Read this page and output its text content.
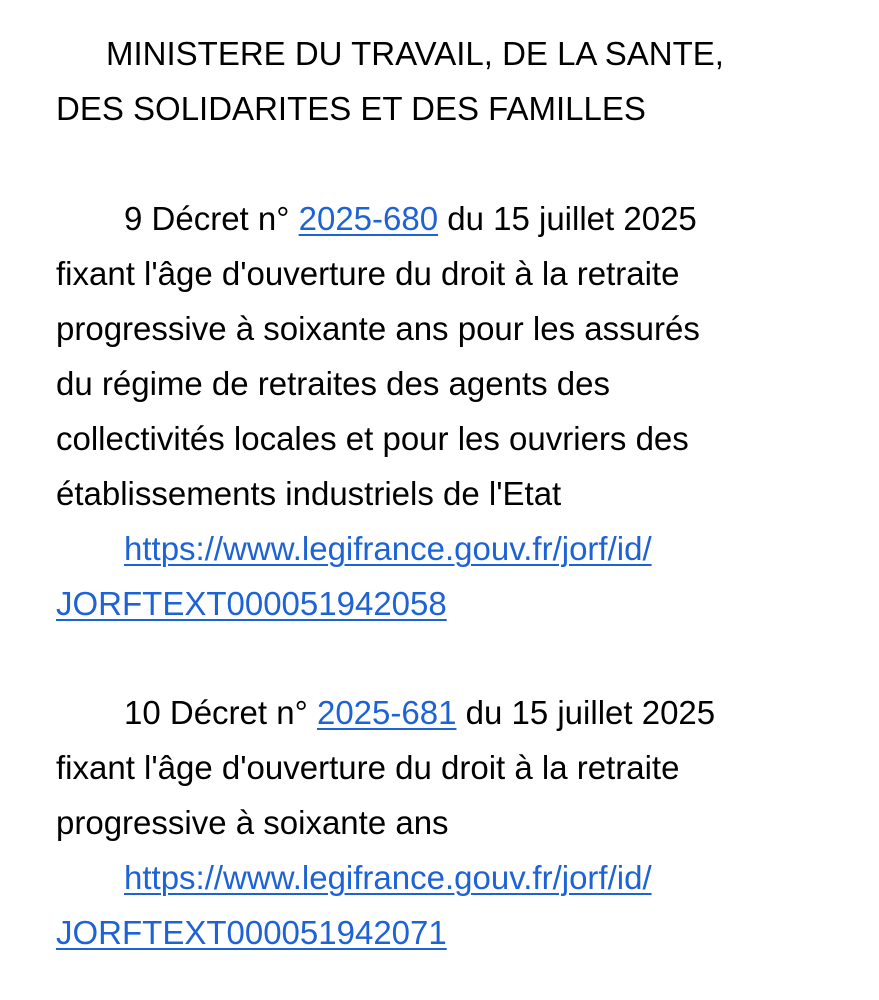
MINISTERE DU TRAVAIL, DE LA SANTE,
DES SOLIDARITES ET DES FAMILLES
9 Décret n° 2025-680 du 15 juillet 2025
fixant l'âge d'ouverture du droit à la retraite
progressive à soixante ans pour les assurés
du régime de retraites des agents des
collectivités locales et pour les ouvriers des
établissements industriels de l'Etat
https://www.legifrance.gouv.fr/jorf/id/
JORFTEXT000051942058
10 Décret n° 2025-681 du 15 juillet 2025
fixant l'âge d'ouverture du droit à la retraite
progressive à soixante ans
https://www.legifrance.gouv.fr/jorf/id/
JORFTEXT000051942071
